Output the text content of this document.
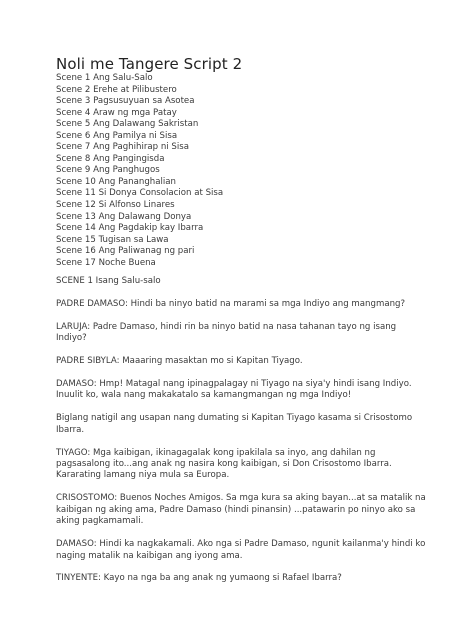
Noli me Tangere Script 2
Scene 1 Ang Salu-Salo
Scene 2 Erehe at Pilibustero
Scene 3 Pagsusuyuan sa Asotea
Scene 4 Araw ng mga Patay
Scene 5 Ang Dalawang Sakristan
Scene 6 Ang Pamilya ni Sisa
Scene 7 Ang Paghihirap ni Sisa
Scene 8 Ang Pangingisda
Scene 9 Ang Panghugos
Scene 10 Ang Pananghalian
Scene 11 Si Donya Consolacion at Sisa
Scene 12 Si Alfonso Linares
Scene 13 Ang Dalawang Donya
Scene 14 Ang Pagdakip kay Ibarra
Scene 15 Tugisan sa Lawa
Scene 16 Ang Paliwanag ng pari
Scene 17 Noche Buena

SCENE 1 Isang Salu-salo

PADRE DAMASO: Hindi ba ninyo batid na marami sa mga Indiyo ang mangmang?

LARUJA: Padre Damaso, hindi rin ba ninyo batid na nasa tahanan tayo ng isang Indiyo?

PADRE SIBYLA: Maaaring masaktan mo si Kapitan Tiyago.

DAMASO: Hmp! Matagal nang ipinagpalagay ni Tiyago na siya'y hindi isang Indiyo. Inuulit ko, wala nang makakatalo sa kamangmangan ng mga Indiyo!

Biglang natigil ang usapan nang dumating si Kapitan Tiyago kasama si Crisostomo Ibarra.

TIYAGO: Mga kaibigan, ikinagagalak kong ipakilala sa inyo, ang dahilan ng pagsasalong ito...ang anak ng nasira kong kaibigan, si Don Crisostomo Ibarra. Kararating lamang niya mula sa Europa.

CRISOSTOMO: Buenos Noches Amigos. Sa mga kura sa aking bayan...at sa matalik na kaibigan ng aking ama, Padre Damaso (hindi pinansin) ...patawarin po ninyo ako sa aking pagkamamali.

DAMASO: Hindi ka nagkakamali. Ako nga si Padre Damaso, ngunit kailanma'y hindi ko naging matalik na kaibigan ang iyong ama.

TINYENTE: Kayo na nga ba ang anak ng yumaong si Rafael Ibarra?
